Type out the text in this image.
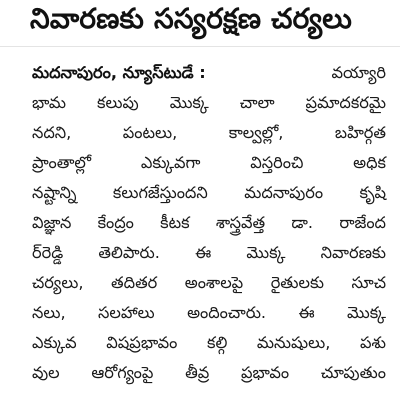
నివారణకు సస్యరక్షణ చర్యలు
మదనాపురం, న్యూస్‌టుడే :	వయ్యారి
భామ కలుపు మొక్క చాలా ప్రమాదకరమై
నదని, పంటలు, కాల్వల్లో, బహిర్గత
ప్రాంతాల్లో ఎక్కువగా విస్తరించి అధిక
నష్టాన్ని కలుగజేస్తుందని మదనాపురం కృషి
విజ్ఞాన కేంద్రం కీటక శాస్త్రవేత్త డా. రాజేంద
ర్‌రెడ్డి తెలిపారు. ఈ మొక్క నివారణకు
చర్యలు, తదితర అంశాలపై రైతులకు సూచ
నలు, సలహాలు అందించారు. ఈ మొక్క
ఎక్కువ విషప్రభావం కల్గి మనుషులు, పశు
వుల ఆరోగ్యంపై తీవ్ర ప్రభావం చూపుతుం
